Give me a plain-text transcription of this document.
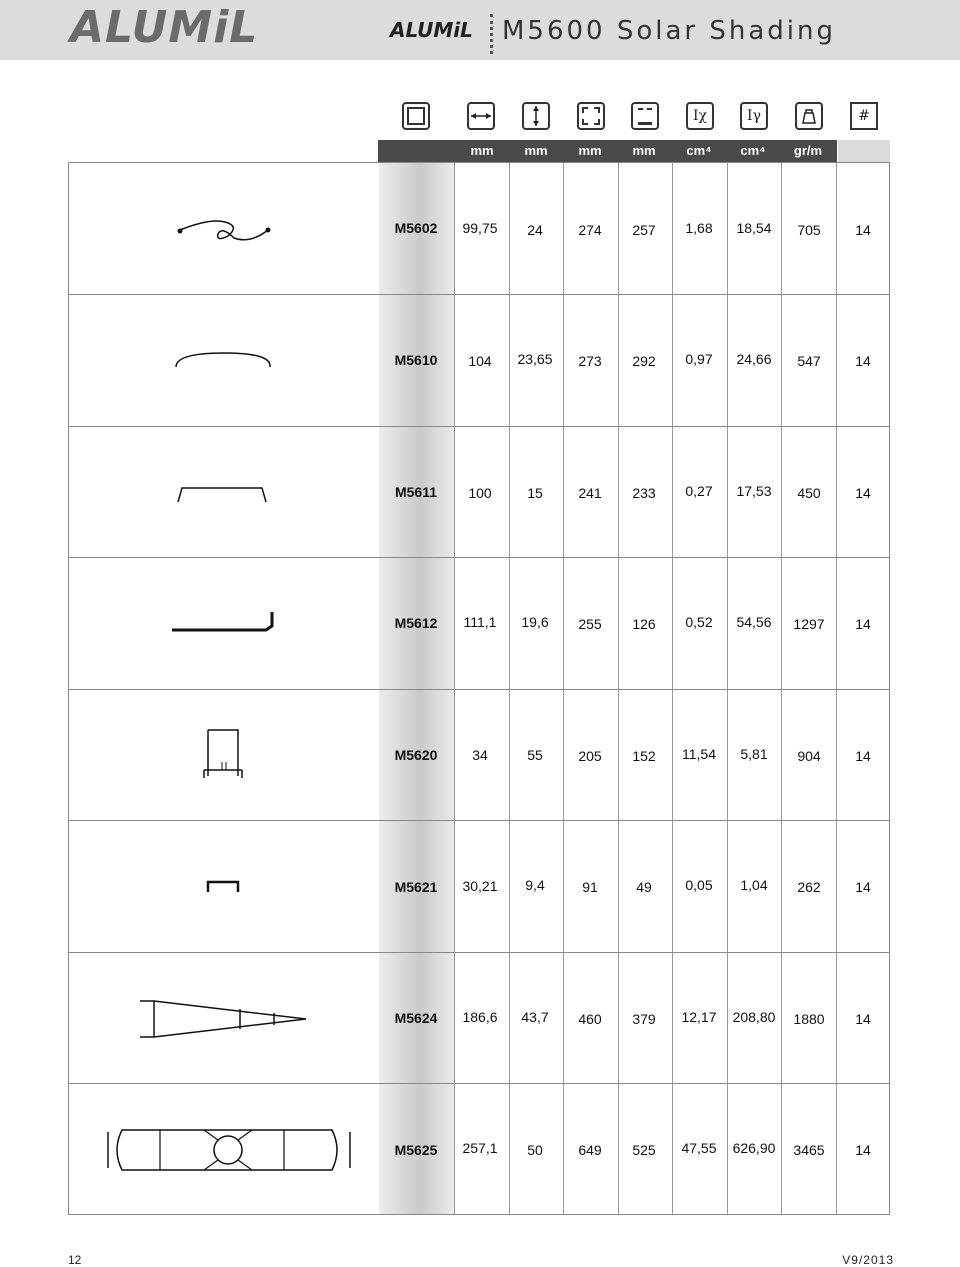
ALUMiL	ALUMiL M5600 Solar Shading
Iχ	Iγ	#
mm	mm	mm	mm	cm⁴	cm⁴	gr/m
M5602	99,75	24	274	257	1,68	18,54	705	14
M5610	104	23,65	273	292	0,97	24,66	547	14
M5611	100	15	241	233	0,27	17,53	450	14
M5612	111,1	19,6	255	126	0,52	54,56	1297	14
M5620	34	55	205	152	11,54	5,81	904	14
M5621	30,21	9,4	91	49	0,05	1,04	262	14
M5624	186,6	43,7	460	379	12,17	208,80	1880	14
M5625	257,1	50	649	525	47,55	626,90	3465	14
12	V9/2013
